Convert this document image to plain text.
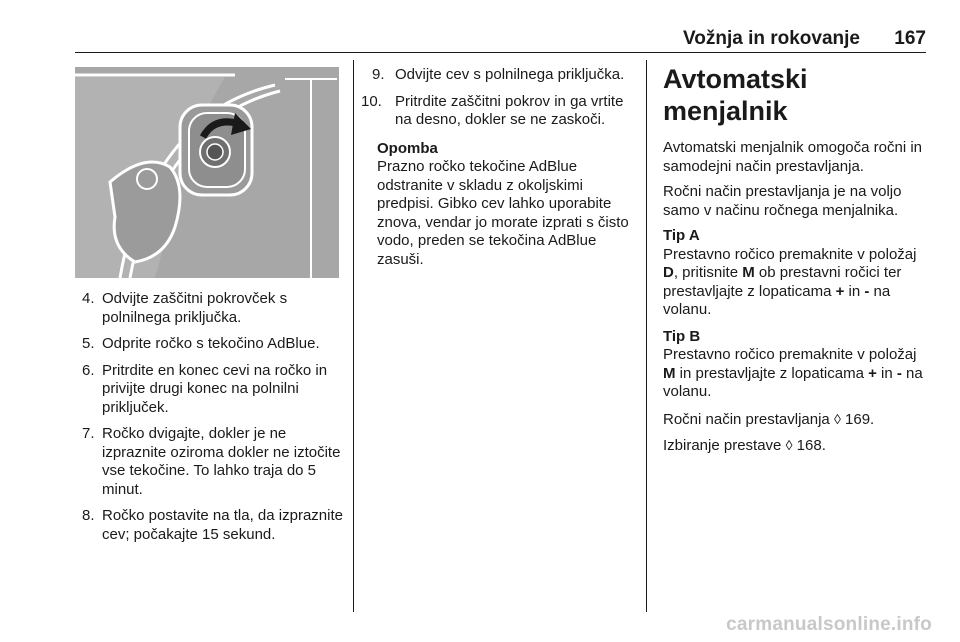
Vožnja in rokovanje 167
4. Odvijte zaščitni pokrovček s polnilnega priključka.
5. Odprite ročko s tekočino AdBlue.
6. Pritrdite en konec cevi na ročko in privijte drugi konec na polnilni priključek.
7. Ročko dvigajte, dokler je ne izpraznite oziroma dokler ne iztočite vse tekočine. To lahko traja do 5 minut.
8. Ročko postavite na tla, da izpraznite cev; počakajte 15 sekund.
9. Odvijte cev s polnilnega priključka.
10. Pritrdite zaščitni pokrov in ga vrtite na desno, dokler se ne zaskoči.
Opomba
Prazno ročko tekočine AdBlue odstranite v skladu z okoljskimi predpisi. Gibko cev lahko uporabite znova, vendar jo morate izprati s čisto vodo, preden se tekočina AdBlue zasuši.
Avtomatski menjalnik

Avtomatski menjalnik omogoča ročni in samodejni način prestavljanja.

Ročni način prestavljanja je na voljo samo v načinu ročnega menjalnika.

Tip A
Prestavno ročico premaknite v položaj D, pritisnite M ob prestavni ročici ter prestavljajte z lopaticama + in - na volanu.
Tip B
Prestavno ročico premaknite v položaj M in prestavljajte z lopaticama + in - na volanu.

Ročni način prestavljanja ◊ 169.

Izbiranje prestave ◊ 168.

carmanualsonline.info
